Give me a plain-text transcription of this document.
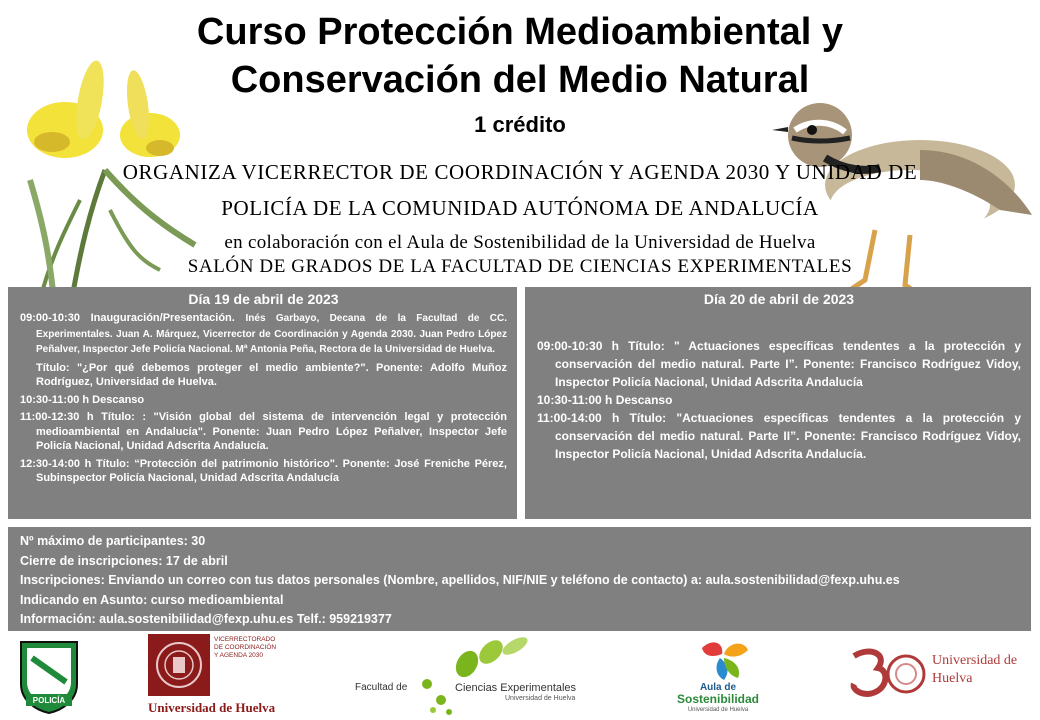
Curso Protección Medioambiental y
Conservación del Medio Natural
1 crédito
ORGANIZA VICERRECTOR DE COORDINACIÓN Y AGENDA 2030 Y UNIDAD DE
POLICÍA DE LA COMUNIDAD AUTÓNOMA DE ANDALUCÍA
en colaboración con el Aula de Sostenibilidad de la Universidad de Huelva
SALÓN DE GRADOS DE LA FACULTAD DE CIENCIAS EXPERIMENTALES
Día 19 de abril de 2023
09:00-10:30 Inauguración/Presentación. Inés Garbayo, Decana de la Facultad de CC. Experimentales. Juan A. Márquez, Vicerrector de Coordinación y Agenda 2030. Juan Pedro López Peñalver, Inspector Jefe Policía Nacional. Mª Antonia Peña, Rectora de la Universidad de Huelva.
Título: "¿Por qué debemos proteger el medio ambiente?". Ponente: Adolfo Muñoz Rodríguez, Universidad de Huelva.
10:30-11:00 h Descanso
11:00-12:30 h Título: : "Visión global del sistema de intervención legal y protección medioambiental en Andalucía". Ponente: Juan Pedro López Peñalver, Inspector Jefe Policía Nacional, Unidad Adscrita Andalucía.
12:30-14:00 h Título: “Protección del patrimonio histórico". Ponente: José Freniche Pérez, Subinspector Policía Nacional, Unidad Adscrita Andalucía
Día 20 de abril de 2023
09:00-10:30 h Título: " Actuaciones específicas tendentes a la protección y conservación del medio natural. Parte I”. Ponente: Francisco Rodríguez Vidoy, Inspector Policía Nacional, Unidad Adscrita Andalucía
10:30-11:00 h Descanso
11:00-14:00 h Título: "Actuaciones específicas tendentes a la protección y conservación del medio natural. Parte II”. Ponente: Francisco Rodríguez Vidoy, Inspector Policía Nacional, Unidad Adscrita Andalucía.
Nº máximo de participantes: 30
Cierre de inscripciones: 17 de abril
Inscripciones: Enviando un correo con tus datos personales (Nombre, apellidos, NIF/NIE y teléfono de contacto) a: aula.sostenibilidad@fexp.uhu.es
Indicando en Asunto: curso medioambiental
Información: aula.sostenibilidad@fexp.uhu.es Telf.: 959219377
POLICÍA
VICERRECTORADO DE COORDINACIÓN Y AGENDA 2030
Universidad de Huelva
Facultad de	Ciencias Experimentales
Universidad de Huelva
Aula de
Sostenibilidad
Universidad de Huelva
Universidad de Huelva
